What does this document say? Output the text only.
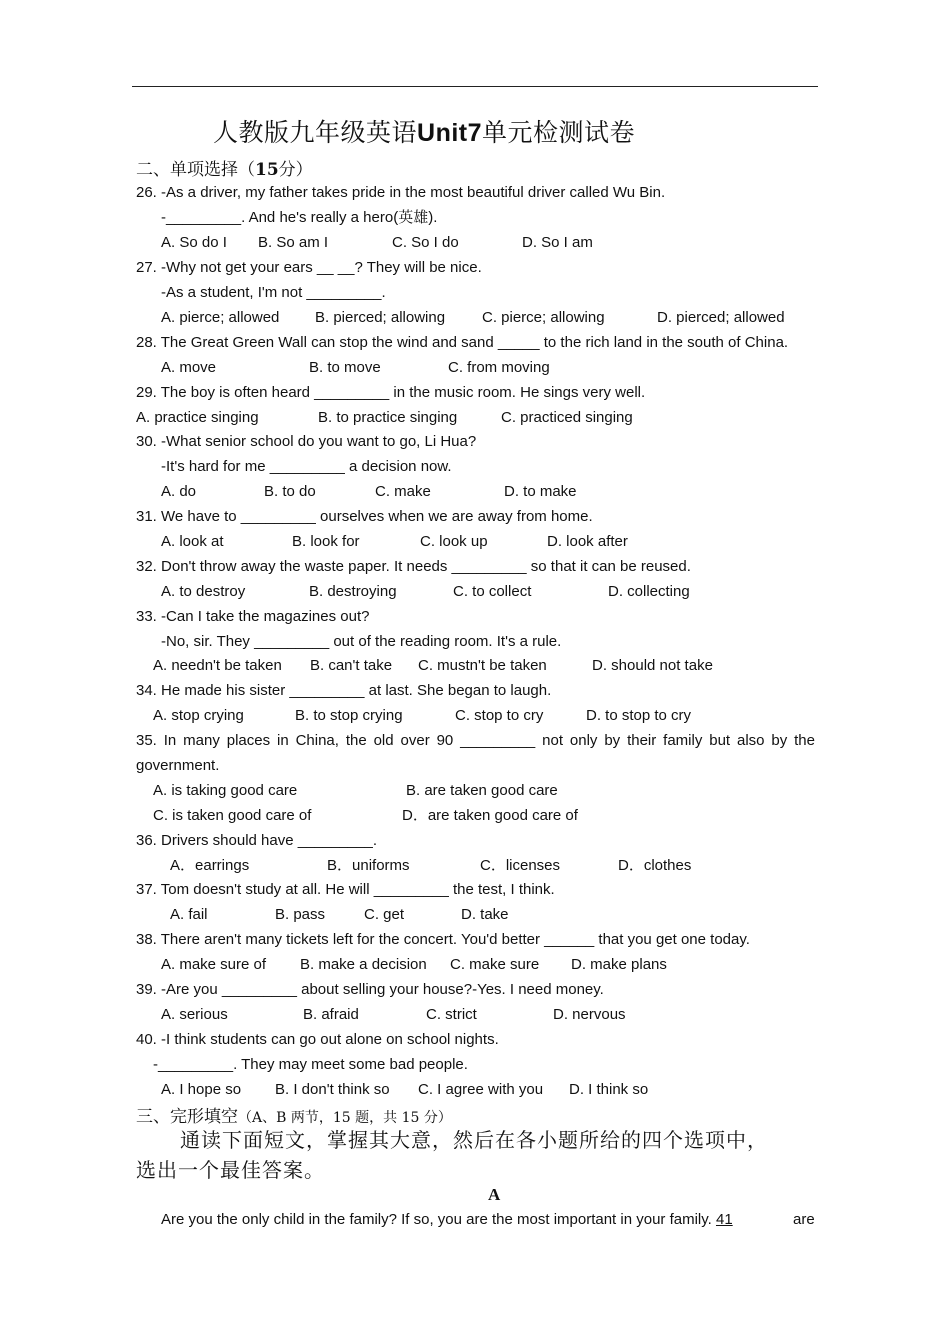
人教版九年级英语Unit7单元检测试卷
二、单项选择（15分）
26. -As a driver, my father takes pride in the most beautiful driver called Wu Bin.
-_________. And he's really a hero(英雄).
A. So do I B. So am I	C. So I do	D. So I am
27. -Why not get your ears __ __? They will be nice.
-As a student, I'm not _________.
A. pierce; allowed B. pierced; allowing C. pierce; allowing	D. pierced; allowed
28. The Great Green Wall can stop the wind and sand _____ to the rich land in the south of China.
A. move	B. to move	C. from moving
29. The boy is often heard _________ in the music room. He sings very well.
A. practice singing	B. to practice singing	C. practiced singing
30. -What senior school do you want to go, Li Hua?
-It's hard for me _________ a decision now.
A. do	B. to do	C. make	D. to make
31. We have to _________ ourselves when we are away from home.
A. look at	B. look for	C. look up	D. look after
32. Don't throw away the waste paper. It needs _________ so that it can be reused.
A. to destroy	B. destroying	C. to collect	D. collecting
33. -Can I take the magazines out?
-No, sir. They _________ out of the reading room. It's a rule.
A. needn't be taken B. can't take C. mustn't be taken	D. should not take
34. He made his sister _________ at last. She began to laugh.
A. stop crying	B. to stop crying	C. stop to cry	D. to stop to cry
35. In many places in China, the old over 90 _________ not only by their family but also by the
government.
A. is taking good care	B. are taken good care
C. is taken good care of	D．are taken good care of
36. Drivers should have _________.
A．earrings	B．uniforms	C．licenses	D．clothes
37. Tom doesn't study at all. He will _________ the test, I think.
A. fail	B. pass	C. get	D. take
38. There aren't many tickets left for the concert. You'd better ______ that you get one today.
A. make sure of B. make a decision C. make sure D. make plans
39. -Are you _________ about selling your house?-Yes. I need money.
A. serious	B. afraid	C. strict	D. nervous
40. -I think students can go out alone on school nights.
-_________. They may meet some bad people.
A. I hope so B. I don't think so C. I agree with you D. I think so
三、完形填空（A、B 两节，15 题，共 15 分）
通读下面短文，掌握其大意，然后在各小题所给的四个选项中，
选出一个最佳答案。
A
Are you the only child in the family? If so, you are the most important in your family. 41	are
